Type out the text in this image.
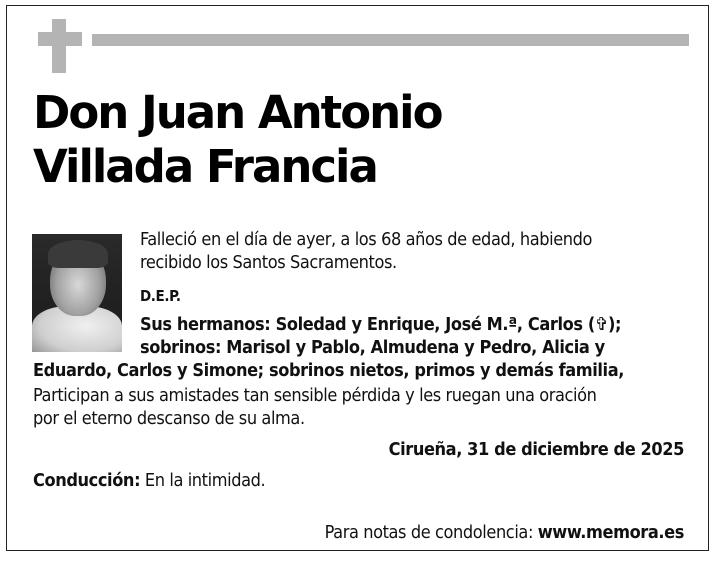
Don Juan Antonio
Villada Francia

Falleció en el día de ayer, a los 68 años de edad, habiendo

recibido los Santos Sacramentos.

D.E.P.

Sus hermanos: Soledad y Enrique, José M.ª, Carlos (✞);

sobrinos: Marisol y Pablo, Almudena y Pedro, Alicia y

Eduardo, Carlos y Simone; sobrinos nietos, primos y demás familia,

Participan a sus amistades tan sensible pérdida y les ruegan una oración

por el eterno descanso de su alma.

Cirueña, 31 de diciembre de 2025

Conducción: En la intimidad.

Para notas de condolencia: www.memora.es
